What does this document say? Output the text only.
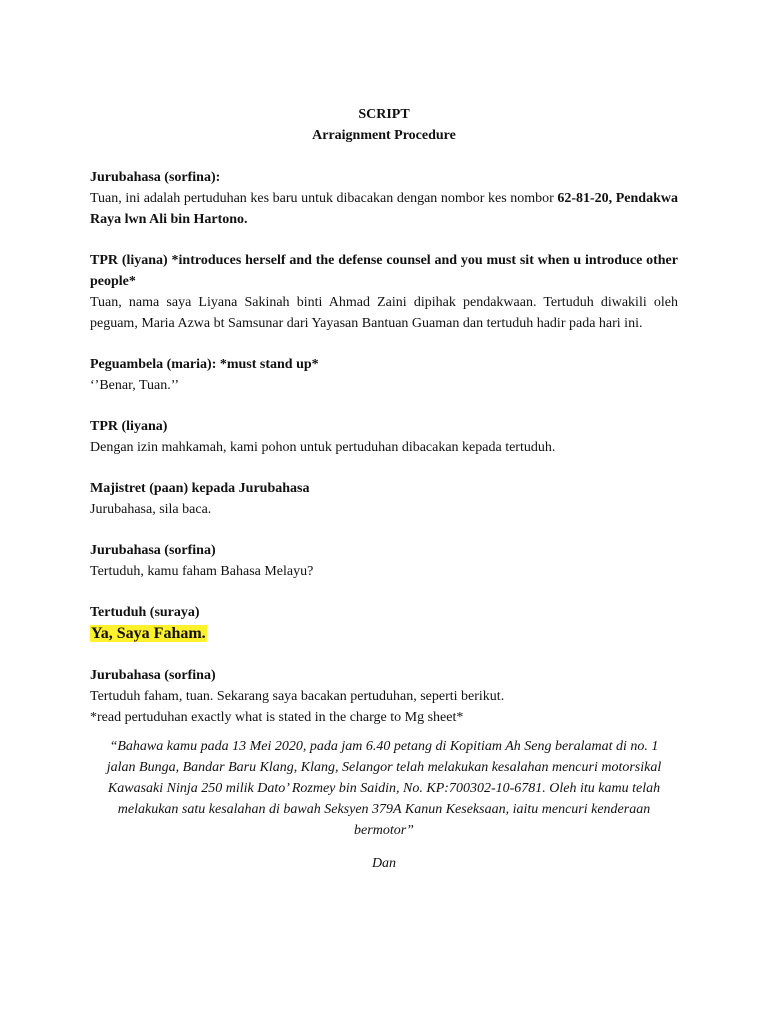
SCRIPT

Arraignment Procedure

Jurubahasa (sorfina):

Tuan, ini adalah pertuduhan kes baru untuk dibacakan dengan nombor kes nombor 62-81-20, Pendakwa Raya lwn Ali bin Hartono.

TPR (liyana) *introduces herself and the defense counsel and you must sit when u introduce other people*

Tuan, nama saya Liyana Sakinah binti Ahmad Zaini dipihak pendakwaan. Tertuduh diwakili oleh peguam, Maria Azwa bt Samsunar dari Yayasan Bantuan Guaman dan tertuduh hadir pada hari ini.

Peguambela (maria): *must stand up*

‘’Benar, Tuan.’’

TPR (liyana)

Dengan izin mahkamah, kami pohon untuk pertuduhan dibacakan kepada tertuduh.

Majistret (paan) kepada Jurubahasa

Jurubahasa, sila baca.

Jurubahasa (sorfina)

Tertuduh, kamu faham Bahasa Melayu?

Tertuduh (suraya)

Ya, Saya Faham.

Jurubahasa (sorfina)

Tertuduh faham, tuan. Sekarang saya bacakan pertuduhan, seperti berikut.

*read pertuduhan exactly what is stated in the charge to Mg sheet*

“Bahawa kamu pada 13 Mei 2020, pada jam 6.40 petang di Kopitiam Ah Seng beralamat di no. 1 jalan Bunga, Bandar Baru Klang, Klang, Selangor telah melakukan kesalahan mencuri motorsikal Kawasaki Ninja 250 milik Dato’ Rozmey bin Saidin, No. KP:700302-10-6781. Oleh itu kamu telah melakukan satu kesalahan di bawah Seksyen 379A Kanun Keseksaan, iaitu mencuri kenderaan bermotor”

Dan
